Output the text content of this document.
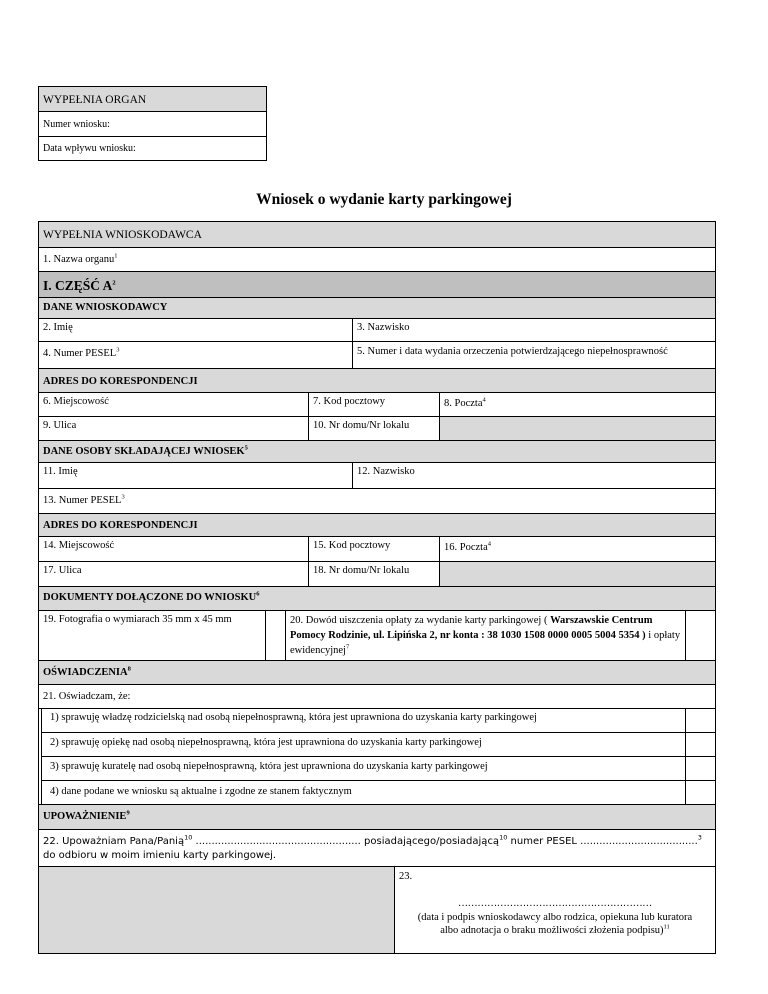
WYPEŁNIA ORGAN
Numer wniosku:
Data wpływu wniosku:
Wniosek o wydanie karty parkingowej
WYPEŁNIA WNIOSKODAWCA
1. Nazwa organu$^1$
I. CZĘŚĆ $A^2$
DANE WNIOSKODAWCY
2. Imię	3. Nazwisko
4. Numer PESEL$^3$	5. Numer i data wydania orzeczenia potwierdzającego niepełnosprawność
ADRES DO KORESPONDENCJI
6. Miejscowość	7. Kod pocztowy	8. Poczta$^4$
9. Ulica	10. Nr domu/Nr lokalu
DANE OSOBY SKŁADAJĄCEJ WNIOSEK$^5$
11. Imię	12. Nazwisko
13. Numer PESEL$^3$
ADRES DO KORESPONDENCJI
14. Miejscowość	15. Kod pocztowy	16. Poczta$^4$
17. Ulica	18. Nr domu/Nr lokalu
DOKUMENTY DOŁĄCZONE DO WNIOSKU$^6$
19. Fotografia o wymiarach 35 mm x 45 mm	20. Dowód uiszczenia opłaty za wydanie karty parkingowej ( Warszawskie Centrum Pomocy Rodzinie, ul. Lipińska 2, nr konta : 38 1030 1508 0000 0005 5004 5354 ) i opłaty ewidencyjnej$^7$
OŚWIADCZENIA$^8$
21. Oświadczam, że:
1) sprawuję władzę rodzicielską nad osobą niepełnosprawną, która jest uprawniona do uzyskania karty parkingowej
2) sprawuję opiekę nad osobą niepełnosprawną, która jest uprawniona do uzyskania karty parkingowej
3) sprawuję kuratelę nad osobą niepełnosprawną, która jest uprawniona do uzyskania karty parkingowej
4) dane podane we wniosku są aktualne i zgodne ze stanem faktycznym
UPOWAŻNIENIE$^9$
22. Upoważniam Pana/Panią$^{10}$ .................................................... posiadającego/posiadającą$^{10}$ numer PESEL .....................................$^3$ do odbioru w moim imieniu karty parkingowej.
23.
……………………………………………………
(data i podpis wnioskodawcy albo rodzica, opiekuna lub kuratora
albo adnotacja o braku możliwości złożenia podpisu)$^{11}$
